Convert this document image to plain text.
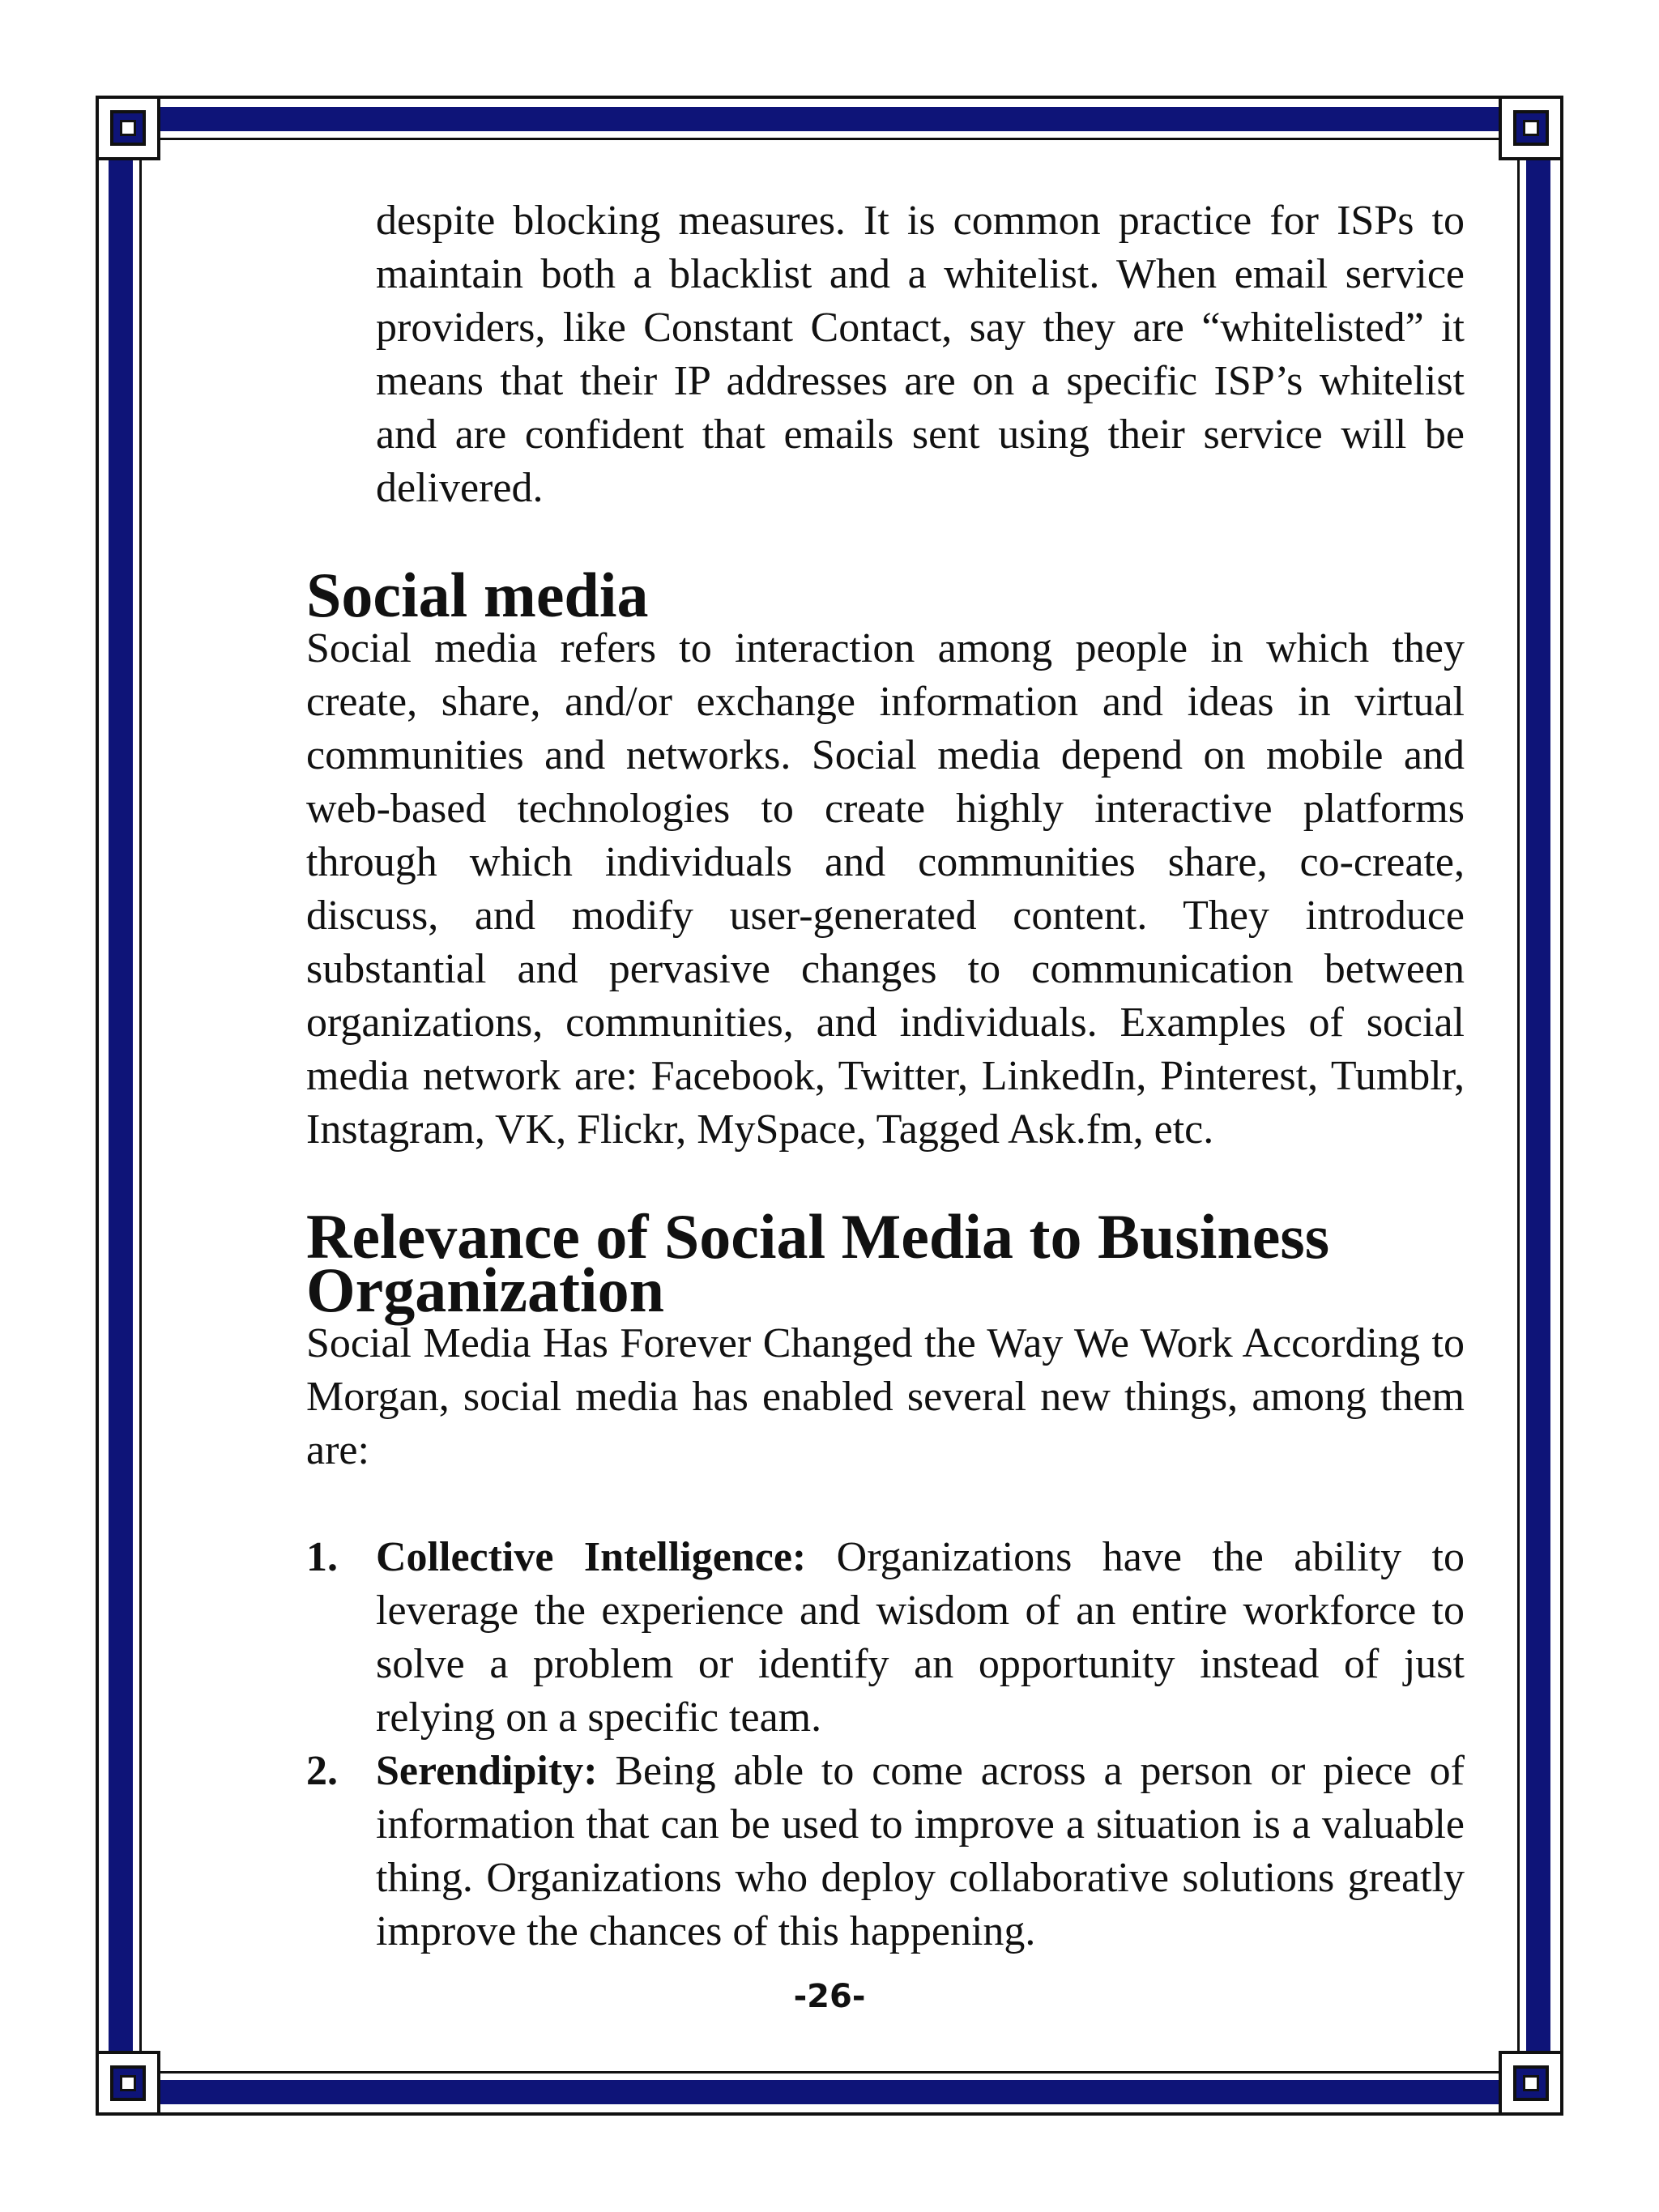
despite blocking measures. It is common practice for ISPs to maintain both a blacklist and a whitelist. When email service providers, like Constant Contact, say they are “whitelisted” it means that their IP addresses are on a specific ISP’s whitelist and are confident that emails sent using their service will be delivered.

Social media

Social media refers to interaction among people in which they create, share, and/or exchange information and ideas in virtual communities and networks. Social media depend on mobile and web-based technologies to create highly interactive platforms through which individuals and communities share, co-create, discuss, and modify user-generated content. They introduce substantial and pervasive changes to communication between organizations, communities, and individuals. Examples of social media network are: Facebook, Twitter, LinkedIn, Pinterest, Tumblr, Instagram, VK, Flickr, MySpace, Tagged Ask.fm, etc.

Relevance of Social Media to Business Organization

Social Media Has Forever Changed the Way We Work According to Morgan, social media has enabled several new things, among them are:

1. Collective Intelligence: Organizations have the ability to leverage the experience and wisdom of an entire workforce to solve a problem or identify an opportunity instead of just relying on a specific team.
2. Serendipity: Being able to come across a person or piece of information that can be used to improve a situation is a valuable thing. Organizations who deploy collaborative solutions greatly improve the chances of this happening.
-26-
